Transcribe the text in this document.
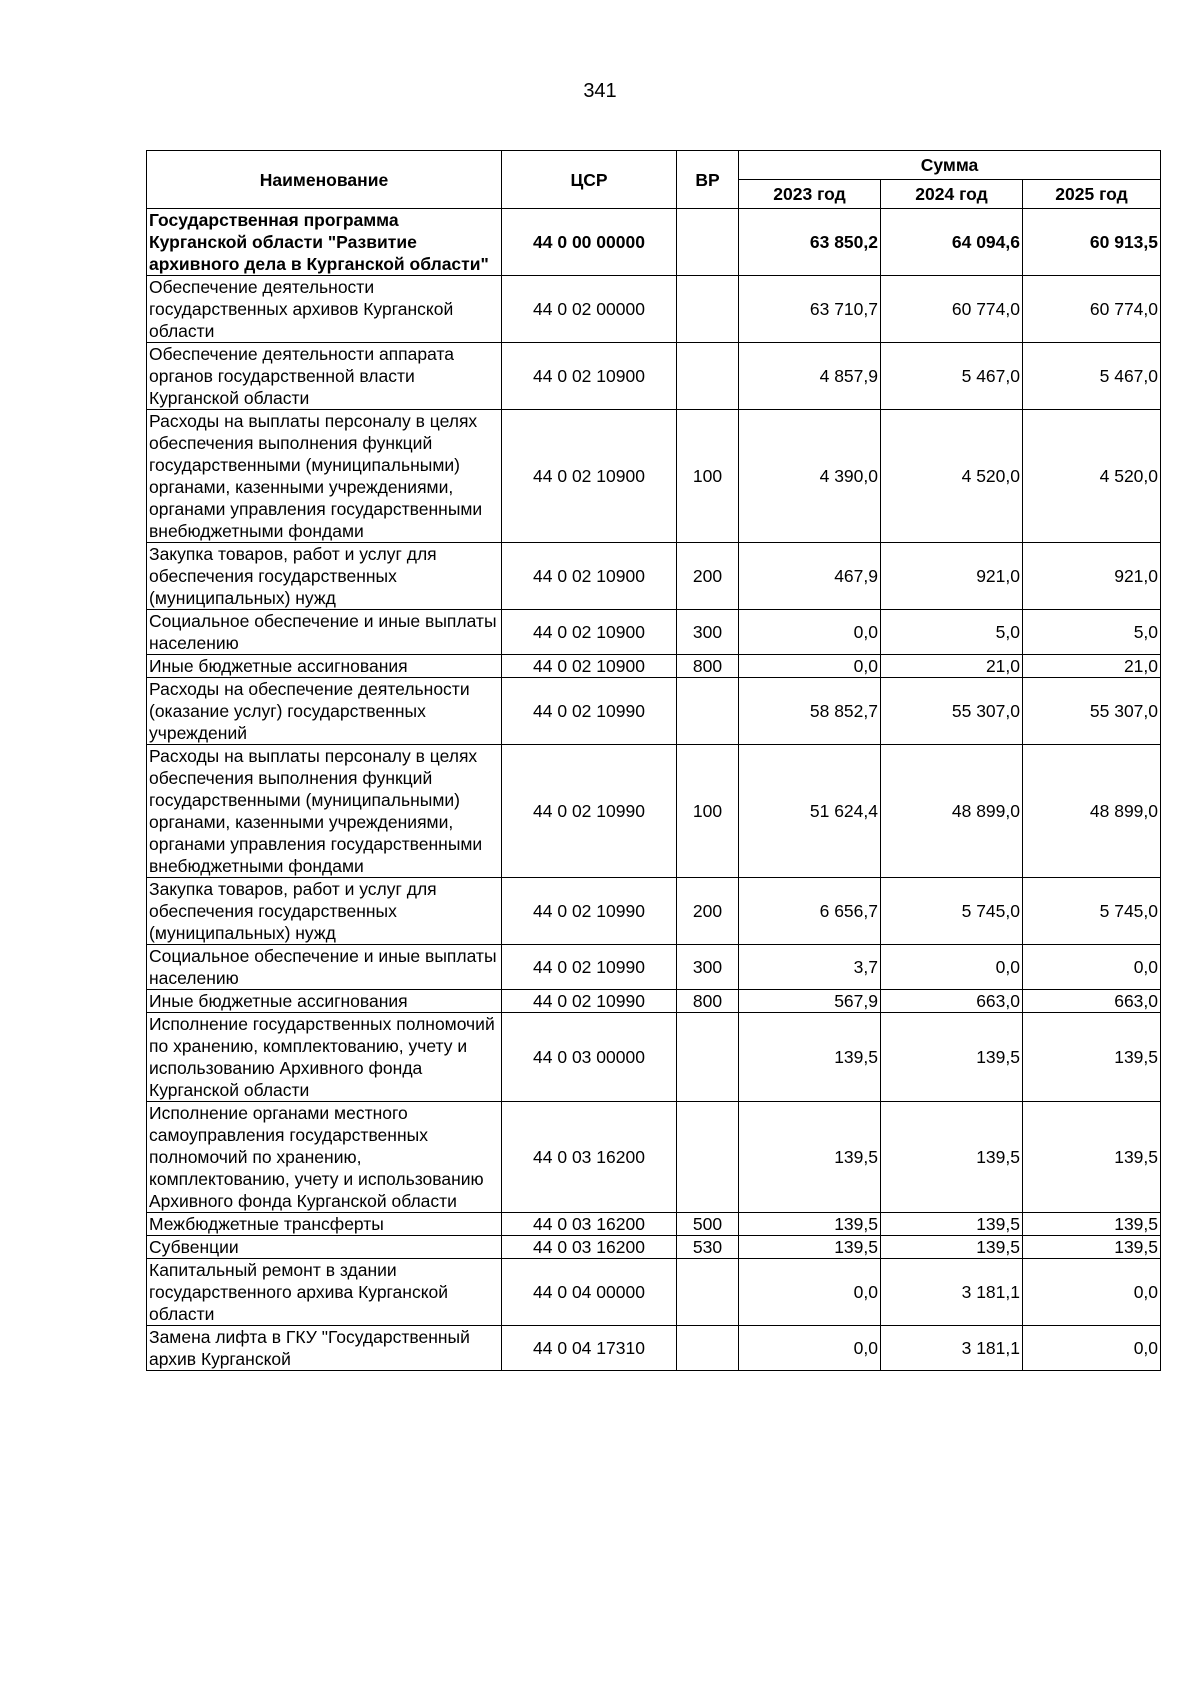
341
Наименование	ЦСР	ВР	Сумма		
			2023 год	2024 год	2025 год
Государственная программа Курганской области "Развитие архивного дела в Курганской области"	44 0 00 00000		63 850,2	64 094,6	60 913,5
Обеспечение деятельности государственных архивов Курганской области	44 0 02 00000		63 710,7	60 774,0	60 774,0
Обеспечение деятельности аппарата органов государственной власти Курганской области	44 0 02 10900		4 857,9	5 467,0	5 467,0
Расходы на выплаты персоналу в целях обеспечения выполнения функций государственными (муниципальными) органами, казенными учреждениями, органами управления государственными внебюджетными фондами	44 0 02 10900	100	4 390,0	4 520,0	4 520,0
Закупка товаров, работ и услуг для обеспечения государственных (муниципальных) нужд	44 0 02 10900	200	467,9	921,0	921,0
Социальное обеспечение и иные выплаты населению	44 0 02 10900	300	0,0	5,0	5,0
Иные бюджетные ассигнования	44 0 02 10900	800	0,0	21,0	21,0
Расходы на обеспечение деятельности (оказание услуг) государственных учреждений	44 0 02 10990		58 852,7	55 307,0	55 307,0
Расходы на выплаты персоналу в целях обеспечения выполнения функций государственными (муниципальными) органами, казенными учреждениями, органами управления государственными внебюджетными фондами	44 0 02 10990	100	51 624,4	48 899,0	48 899,0
Закупка товаров, работ и услуг для обеспечения государственных (муниципальных) нужд	44 0 02 10990	200	6 656,7	5 745,0	5 745,0
Социальное обеспечение и иные выплаты населению	44 0 02 10990	300	3,7	0,0	0,0
Иные бюджетные ассигнования	44 0 02 10990	800	567,9	663,0	663,0
Исполнение государственных полномочий по хранению, комплектованию, учету и использованию Архивного фонда Курганской области	44 0 03 00000		139,5	139,5	139,5
Исполнение органами местного самоуправления государственных полномочий по хранению, комплектованию, учету и использованию Архивного фонда Курганской области	44 0 03 16200		139,5	139,5	139,5
Межбюджетные трансферты	44 0 03 16200	500	139,5	139,5	139,5
Субвенции	44 0 03 16200	530	139,5	139,5	139,5
Капитальный ремонт в здании государственного архива Курганской области	44 0 04 00000		0,0	3 181,1	0,0
Замена лифта в ГКУ "Государственный архив Курганской	44 0 04 17310		0,0	3 181,1	0,0
